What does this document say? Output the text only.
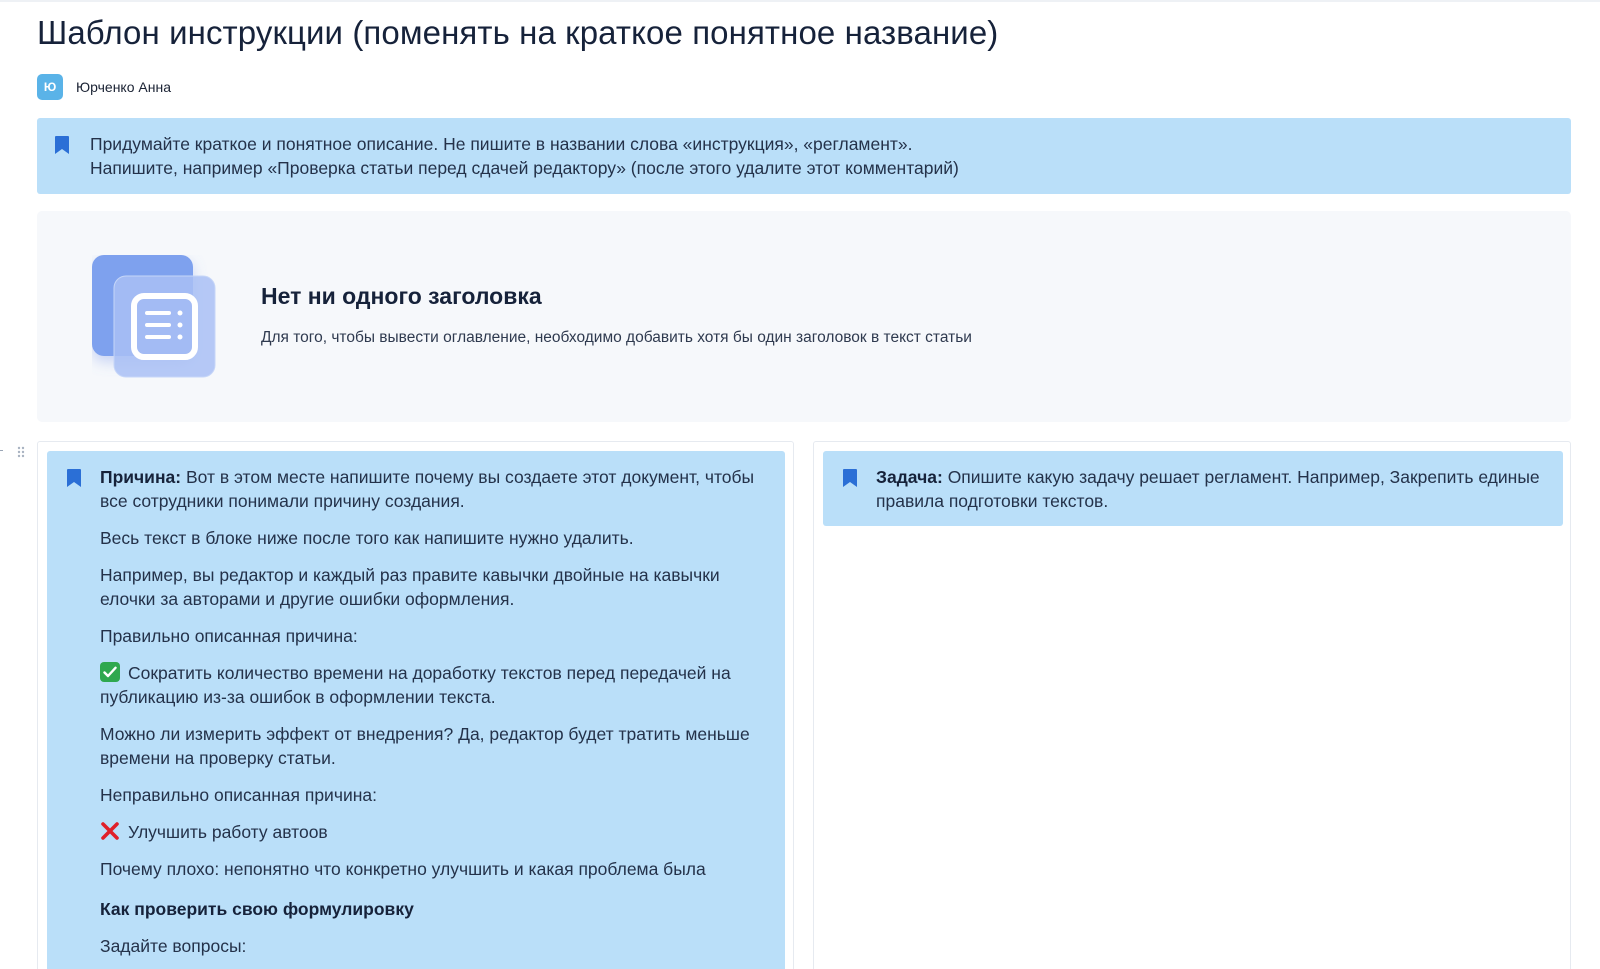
Шаблон инструкции (поменять на краткое понятное название)
Ю	Юрченко Анна
Придумайте краткое и понятное описание. Не пишите в названии слова «инструкция», «регламент».
Напишите, например «Проверка статьи перед сдачей редактору» (после этого удалите этот комментарий)
Нет ни одного заголовка
Для того, чтобы вывести оглавление, необходимо добавить хотя бы один заголовок в текст статьи

Причина: Вот в этом месте напишите почему вы создаете этот документ, чтобы все сотрудники понимали причину создания.

Весь текст в блоке ниже после того как напишите нужно удалить.

Например, вы редактор и каждый раз правите кавычки двойные на кавычки елочки за авторами и другие ошибки оформления.

Правильно описанная причина:

Сократить количество времени на доработку текстов перед передачей на публикацию из-за ошибок в оформлении текста.

Можно ли измерить эффект от внедрения? Да, редактор будет тратить меньше времени на проверку статьи.

Неправильно описанная причина:

Улучшить работу автоов

Почему плохо: непонятно что конкретно улучшить и какая проблема была

Как проверить свою формулировку

Задайте вопросы:

Задача: Опишите какую задачу решает регламент. Например, Закрепить единые правила подготовки текстов.
